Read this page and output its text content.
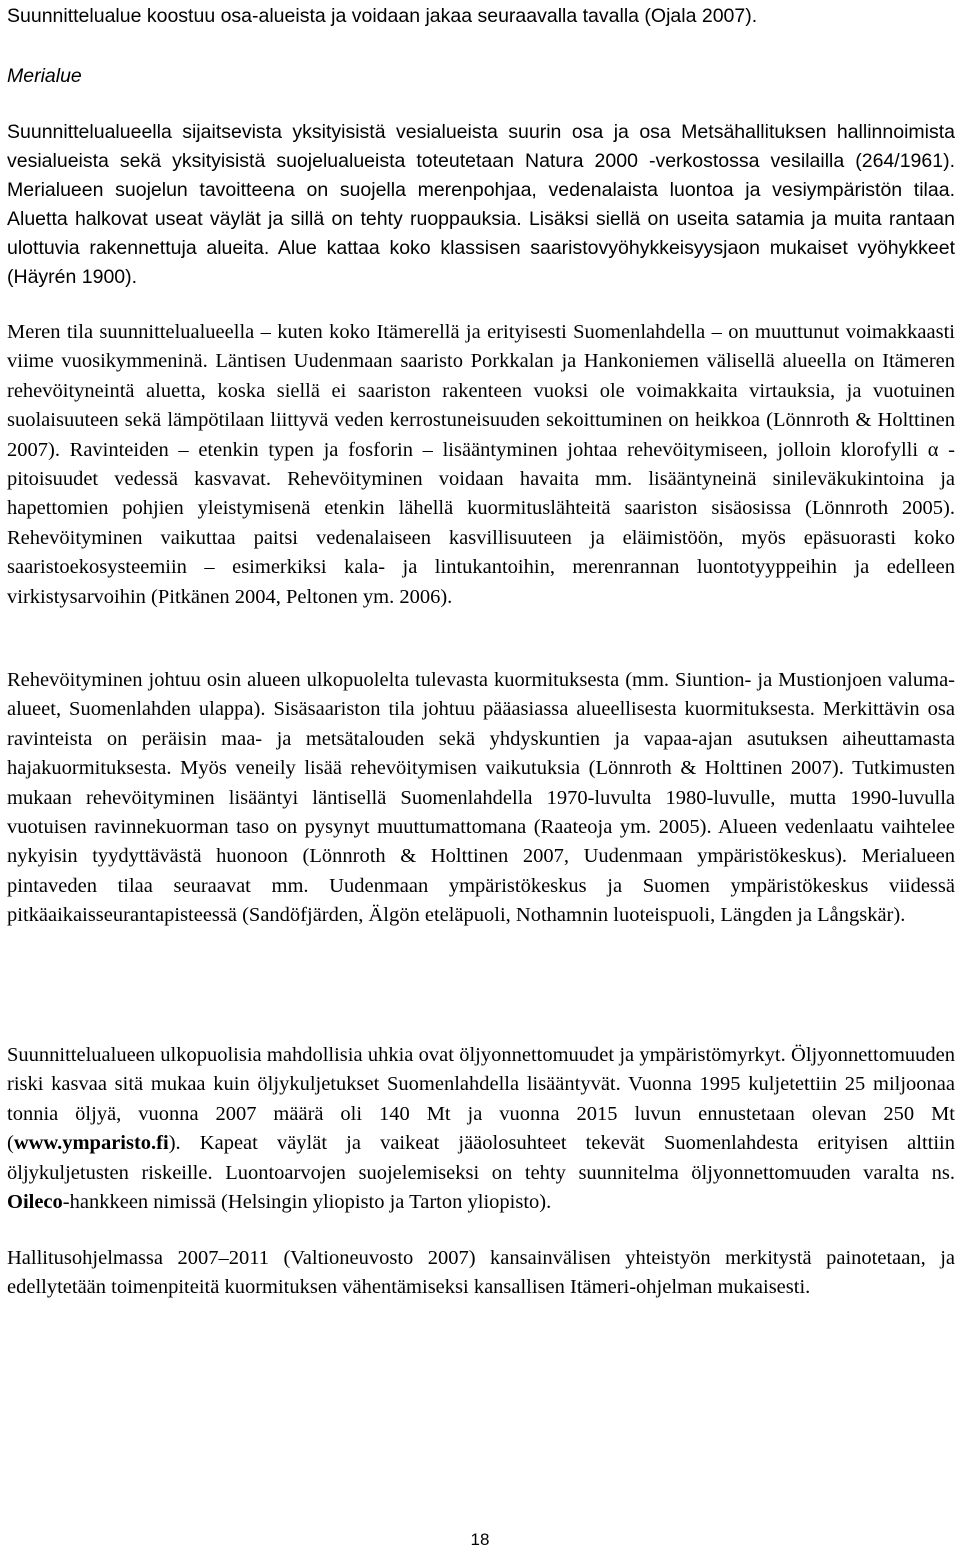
Suunnittelualue koostuu osa-alueista ja voidaan jakaa seuraavalla tavalla (Ojala 2007).

Merialue

Suunnittelualueella sijaitsevista yksityisistä vesialueista suurin osa ja osa Metsähallituksen hallinnoimista vesialueista sekä yksityisistä suojelualueista toteutetaan Natura 2000 -verkostossa vesilailla (264/1961). Merialueen suojelun tavoitteena on suojella merenpohjaa, vedenalaista luontoa ja vesiympäristön tilaa. Aluetta halkovat useat väylät ja sillä on tehty ruoppauksia. Lisäksi siellä on useita satamia ja muita rantaan ulottuvia rakennettuja alueita. Alue kattaa koko klassisen saaristovyöhykkeisyysjaon mukaiset vyöhykkeet (Häyrén 1900).

Meren tila suunnittelualueella – kuten koko Itämerellä ja erityisesti Suomenlahdella – on muuttunut voimakkaasti viime vuosikymmeninä. Läntisen Uudenmaan saaristo Porkkalan ja Hankoniemen välisellä alueella on Itämeren rehevöityneintä aluetta, koska siellä ei saariston rakenteen vuoksi ole voimakkaita virtauksia, ja vuotuinen suolaisuuteen sekä lämpötilaan liittyvä veden kerrostuneisuuden sekoittuminen on heikkoa (Lönnroth & Holttinen 2007). Ravinteiden – etenkin typen ja fosforin – lisääntyminen johtaa rehevöitymiseen, jolloin klorofylli α -pitoisuudet vedessä kasvavat. Rehevöityminen voidaan havaita mm. lisääntyneinä sinileväkukintoina ja hapettomien pohjien yleistymisenä etenkin lähellä kuormituslähteitä saariston sisäosissa (Lönnroth 2005). Rehevöityminen vaikuttaa paitsi vedenalaiseen kasvillisuuteen ja eläimistöön, myös epäsuorasti koko saaristoekosysteemiin – esimerkiksi kala- ja lintukantoihin, merenrannan luontotyyppeihin ja edelleen virkistysarvoihin (Pitkänen 2004, Peltonen ym. 2006).

Rehevöityminen johtuu osin alueen ulkopuolelta tulevasta kuormituksesta (mm. Siuntion- ja Mustionjoen valuma-alueet, Suomenlahden ulappa). Sisäsaariston tila johtuu pääasiassa alueellisesta kuormituksesta. Merkittävin osa ravinteista on peräisin maa- ja metsätalouden sekä yhdyskuntien ja vapaa-ajan asutuksen aiheuttamasta hajakuormituksesta. Myös veneily lisää rehevöitymisen vaikutuksia (Lönnroth & Holttinen 2007). Tutkimusten mukaan rehevöityminen lisääntyi läntisellä Suomenlahdella 1970-luvulta 1980-luvulle, mutta 1990-luvulla vuotuisen ravinnekuorman taso on pysynyt muuttumattomana (Raateoja ym. 2005). Alueen vedenlaatu vaihtelee nykyisin tyydyttävästä huonoon (Lönnroth & Holttinen 2007, Uudenmaan ympäristökeskus). Merialueen pintaveden tilaa seuraavat mm. Uudenmaan ympäristökeskus ja Suomen ympäristökeskus viidessä pitkäaikaisseurantapisteessä (Sandöfjärden, Älgön eteläpuoli, Nothamnin luoteispuoli, Längden ja Långskär).

Suunnittelualueen ulkopuolisia mahdollisia uhkia ovat öljyonnettomuudet ja ympäristömyrkyt. Öljyonnettomuuden riski kasvaa sitä mukaa kuin öljykuljetukset Suomenlahdella lisääntyvät. Vuonna 1995 kuljetettiin 25 miljoonaa tonnia öljyä, vuonna 2007 määrä oli 140 Mt ja vuonna 2015 luvun ennustetaan olevan 250 Mt (www.ymparisto.fi). Kapeat väylät ja vaikeat jääolosuhteet tekevät Suomenlahdesta erityisen alttiin öljykuljetusten riskeille. Luontoarvojen suojelemiseksi on tehty suunnitelma öljyonnettomuuden varalta ns. Oileco-hankkeen nimissä (Helsingin yliopisto ja Tarton yliopisto).

Hallitusohjelmassa 2007–2011 (Valtioneuvosto 2007) kansainvälisen yhteistyön merkitystä painotetaan, ja edellytetään toimenpiteitä kuormituksen vähentämiseksi kansallisen Itämeri-ohjelman mukaisesti.

18
